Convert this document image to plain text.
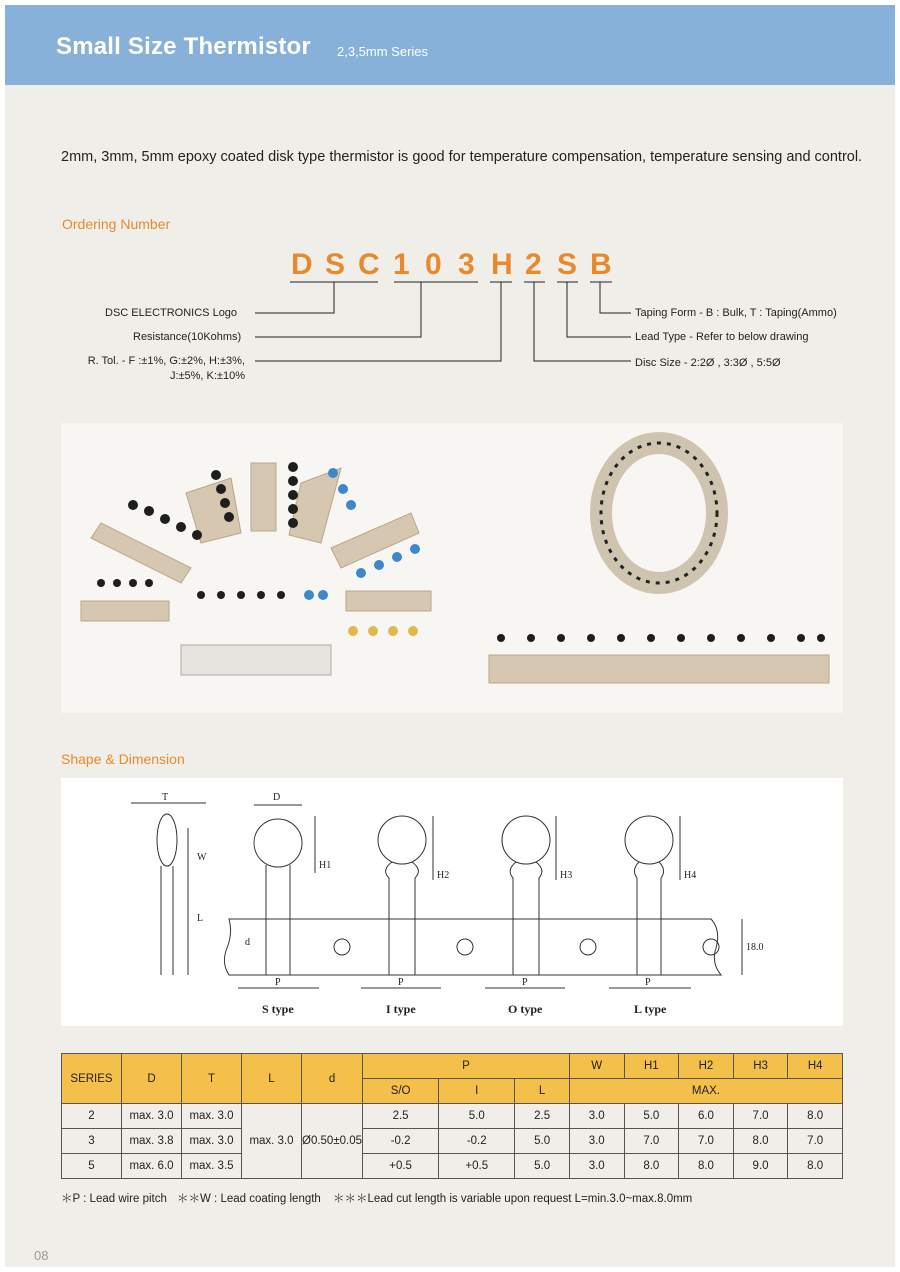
Small Size Thermistor 2,3,5mm Series
2mm, 3mm, 5mm epoxy coated disk type thermistor is good for temperature compensation, temperature sensing and control.
Ordering Number
D S C 1 0 3 H 2 S B
DSC ELECTRONICS Logo
Resistance(10Kohms)
R. Tol. - F :±1%, G:±2%, H:±3%,
J:±5%, K:±10%
Taping Form - B : Bulk, T : Taping(Ammo)
Lead Type - Refer to below drawing
Disc Size - 2:2Ø , 3:3Ø , 5:5Ø
Shape & Dimension
T
W
L
d
D
H1
H2	H3	H4
18.0
P	P	P	P
S type	I type	O type	L type
SERIES	D	T	L	d	P			W	H1	H2	H3	H4
					S/O	I	L	MAX.				
2	max. 3.0	max. 3.0	max. 3.0	Ø0.50±0.05	2.5	5.0	2.5	3.0	5.0	6.0	7.0	8.0
3	max. 3.8	max. 3.0			-0.2	-0.2	5.0	3.0	7.0	7.0	8.0	7.0
5	max. 6.0	max. 3.5			+0.5	+0.5	5.0	3.0	8.0	8.0	9.0	8.0
＊P : Lead wire pitch ＊＊W : Lead coating length ＊＊＊Lead cut length is variable upon request L=min.3.0~max.8.0mm
08
